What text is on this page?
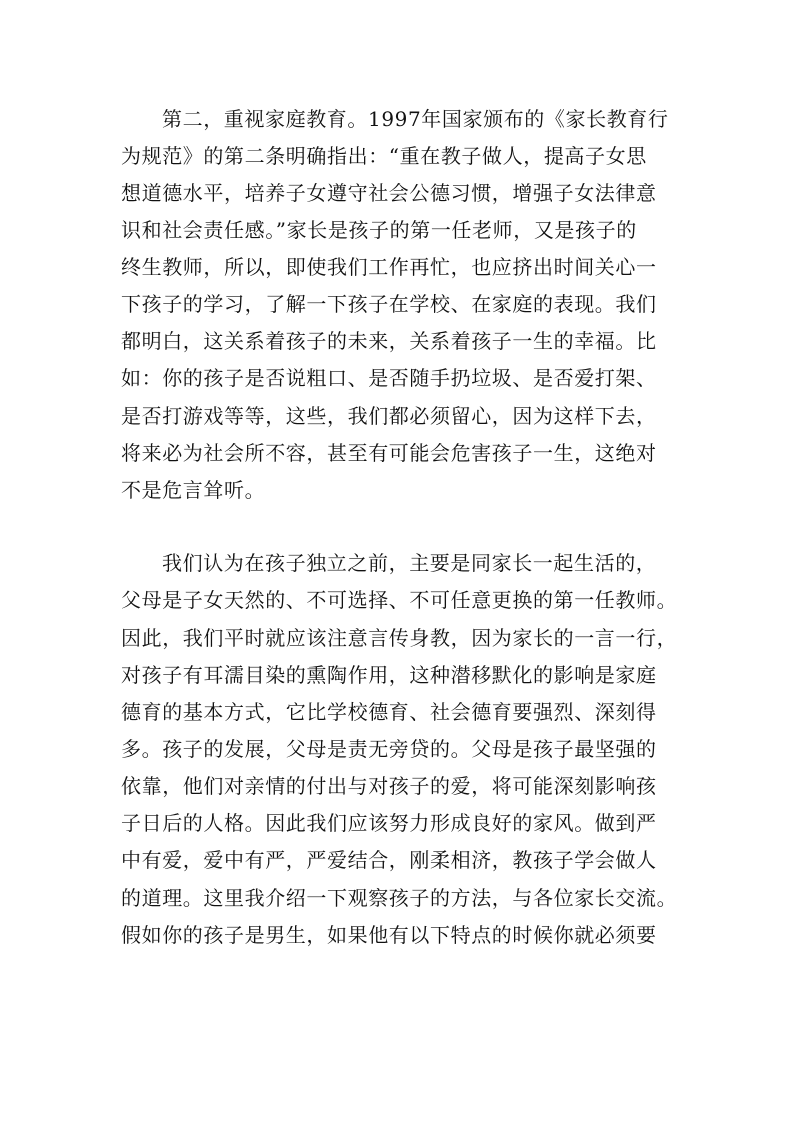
第二，重视家庭教育。1997年国家颁布的《家长教育行
为规范》的第二条明确指出：“重在教子做人，提高子女思
想道德水平，培养子女遵守社会公德习惯，增强子女法律意
识和社会责任感。”家长是孩子的第一任老师，又是孩子的
终生教师，所以，即使我们工作再忙，也应挤出时间关心一
下孩子的学习，了解一下孩子在学校、在家庭的表现。我们
都明白，这关系着孩子的未来，关系着孩子一生的幸福。比
如：你的孩子是否说粗口、是否随手扔垃圾、是否爱打架、
是否打游戏等等，这些，我们都必须留心，因为这样下去，
将来必为社会所不容，甚至有可能会危害孩子一生，这绝对
不是危言耸听。
我们认为在孩子独立之前，主要是同家长一起生活的，
父母是子女天然的、不可选择、不可任意更换的第一任教师。
因此，我们平时就应该注意言传身教，因为家长的一言一行，
对孩子有耳濡目染的熏陶作用，这种潜移默化的影响是家庭
德育的基本方式，它比学校德育、社会德育要强烈、深刻得
多。孩子的发展，父母是责无旁贷的。父母是孩子最坚强的
依靠，他们对亲情的付出与对孩子的爱，将可能深刻影响孩
子日后的人格。因此我们应该努力形成良好的家风。做到严
中有爱，爱中有严，严爱结合，刚柔相济，教孩子学会做人
的道理。这里我介绍一下观察孩子的方法，与各位家长交流。
假如你的孩子是男生，如果他有以下特点的时候你就必须要
